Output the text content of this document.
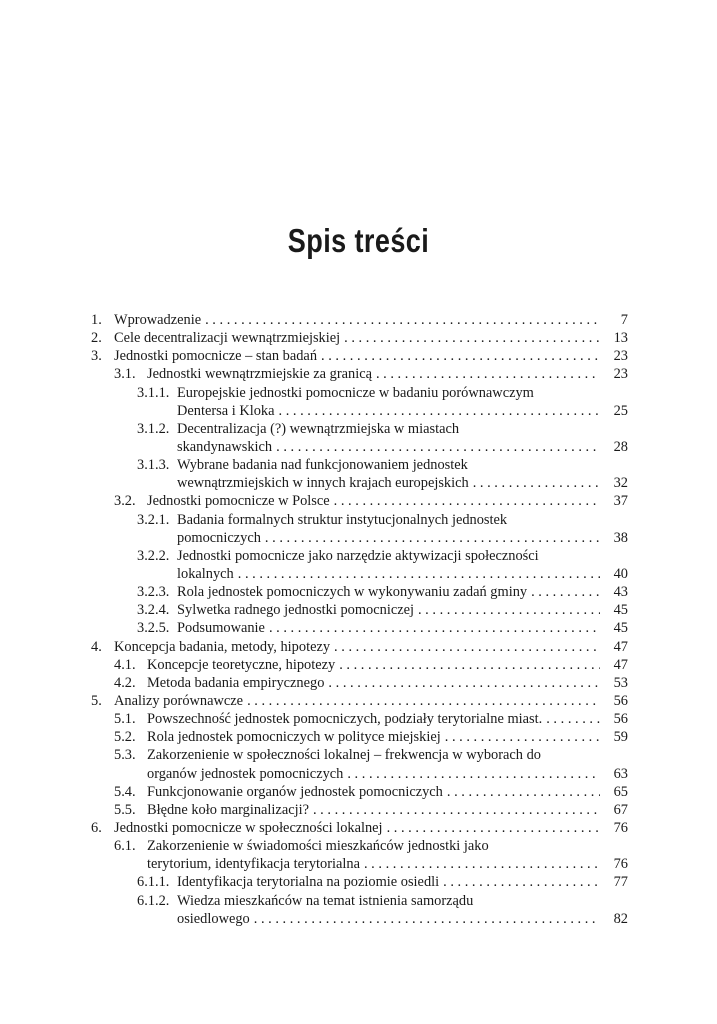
Spis treści
1. Wprowadzenie . . .	7
2. Cele decentralizacji wewnątrzmiejskiej . . .	13
3. Jednostki pomocnicze – stan badań . . .	23
3.1. Jednostki wewnątrzmiejskie za granicą . . .	23
3.1.1. Europejskie jednostki pomocnicze w badaniu porównawczym
Dentersa i Kloka . . .	25
3.1.2. Decentralizacja (?) wewnątrzmiejska w miastach
skandynawskich . . .	28
3.1.3. Wybrane badania nad funkcjonowaniem jednostek
wewnątrzmiejskich w innych krajach europejskich . . .	32
3.2. Jednostki pomocnicze w Polsce . . .	37
3.2.1. Badania formalnych struktur instytucjonalnych jednostek
pomocniczych . . .	38
3.2.2. Jednostki pomocnicze jako narzędzie aktywizacji społeczności
lokalnych . . .	40
3.2.3. Rola jednostek pomocniczych w wykonywaniu zadań gminy . . .	43
3.2.4. Sylwetka radnego jednostki pomocniczej . . .	45
3.2.5. Podsumowanie . . .	45
4. Koncepcja badania, metody, hipotezy . . .	47
4.1. Koncepcje teoretyczne, hipotezy . . .	47
4.2. Metoda badania empirycznego . . .	53
5. Analizy porównawcze . . .	56
5.1. Powszechność jednostek pomocniczych, podziały terytorialne miast. . . .	56
5.2. Rola jednostek pomocniczych w polityce miejskiej . . .	59
5.3. Zakorzenienie w społeczności lokalnej – frekwencja w wyborach do
organów jednostek pomocniczych . . .	63
5.4. Funkcjonowanie organów jednostek pomocniczych . . .	65
5.5. Błędne koło marginalizacji? . . .	67
6. Jednostki pomocnicze w społeczności lokalnej . . .	76
6.1. Zakorzenienie w świadomości mieszkańców jednostki jako
terytorium, identyfikacja terytorialna . . .	76
6.1.1. Identyfikacja terytorialna na poziomie osiedli . . .	77
6.1.2. Wiedza mieszkańców na temat istnienia samorządu
osiedlowego . . .	82
